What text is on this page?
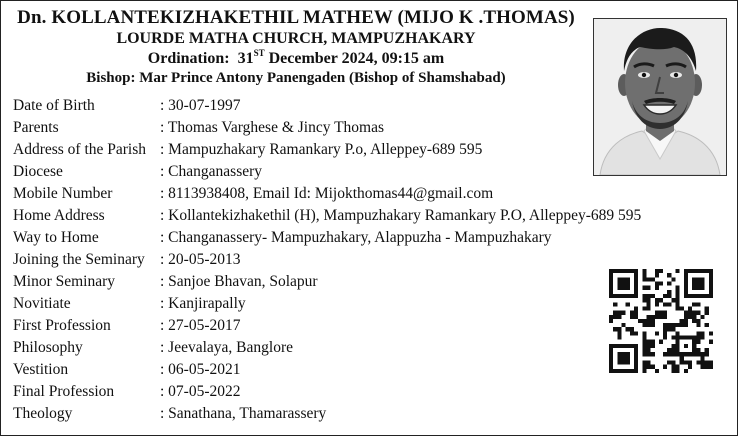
Dn. KOLLANTEKIZHAKETHIL MATHEW (MIJO K .THOMAS)
LOURDE MATHA CHURCH, MAMPUZHAKARY
Ordination: 31ST December 2024, 09:15 am
Bishop: Mar Prince Antony Panengaden (Bishop of Shamshabad)
Date of Birth	: 30-07-1997
Parents	: Thomas Varghese & Jincy Thomas
Address of the Parish : Mampuzhakary Ramankary P.o, Alleppey-689 595
Diocese	: Changanassery
Mobile Number	: 8113938408, Email Id: Mijokthomas44@gmail.com
Home Address	: Kollantekizhakethil (H), Mampuzhakary Ramankary P.O, Alleppey-689 595
Way to Home	: Changanassery- Mampuzhakary, Alappuzha - Mampuzhakary
Joining the Seminary : 20-05-2013
Minor Seminary	: Sanjoe Bhavan, Solapur
Novitiate	: Kanjirapally
First Profession	: 27-05-2017
Philosophy	: Jeevalaya, Banglore
Vestition	: 06-05-2021
Final Profession	: 07-05-2022
Theology	: Sanathana, Thamarassery
